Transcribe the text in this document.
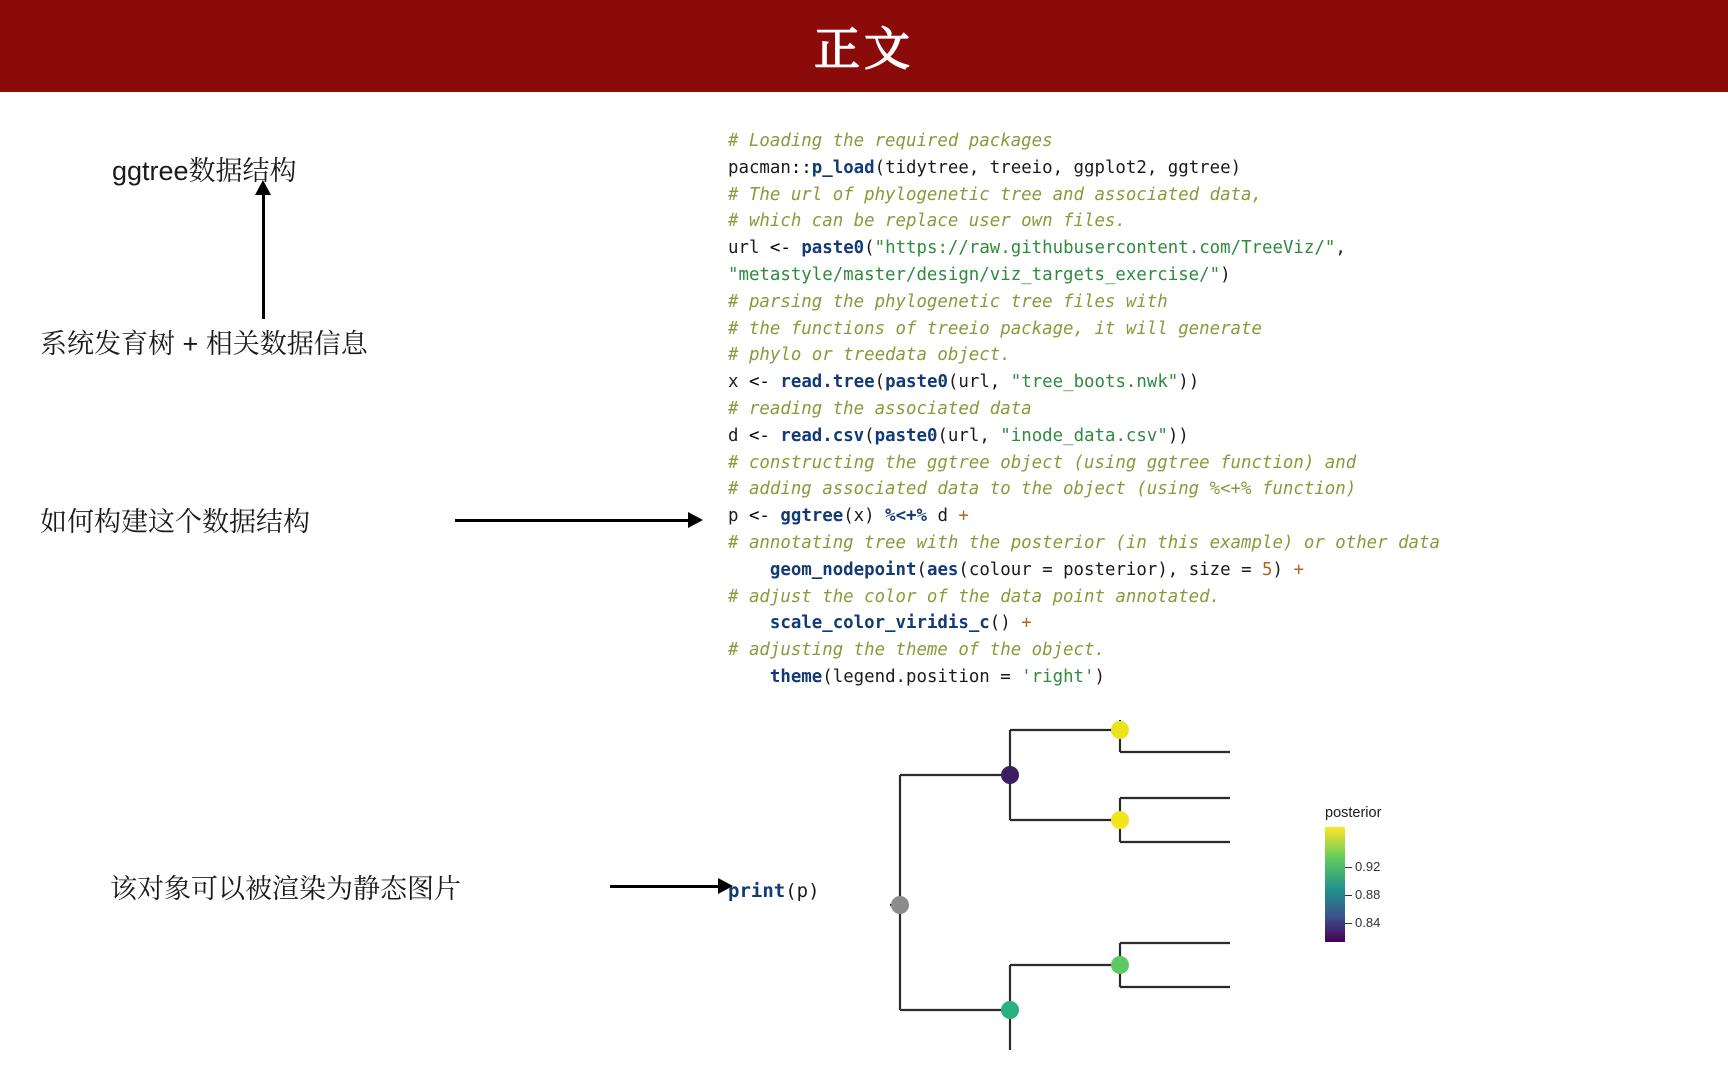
正文
ggtree数据结构
系统发育树 + 相关数据信息
如何构建这个数据结构
该对象可以被渲染为静态图片
# Loading the required packages
pacman::p_load(tidytree, treeio, ggplot2, ggtree)
# The url of phylogenetic tree and associated data,
# which can be replace user own files.
url <- paste0("https://raw.githubusercontent.com/TreeViz/",
"metastyle/master/design/viz_targets_exercise/")
# parsing the phylogenetic tree files with
# the functions of treeio package, it will generate
# phylo or treedata object.
x <- read.tree(paste0(url, "tree_boots.nwk"))
# reading the associated data
d <- read.csv(paste0(url, "inode_data.csv"))
# constructing the ggtree object (using ggtree function) and
# adding associated data to the object (using %<+% function)
p <- ggtree(x) %<+% d +
# annotating tree with the posterior (in this example) or other data
geom_nodepoint(aes(colour = posterior), size = 5) +
# adjust the color of the data point annotated.
scale_color_viridis_c() +
# adjusting the theme of the object.
theme(legend.position = 'right')
print(p)
posterior
0.92
0.88
0.84
